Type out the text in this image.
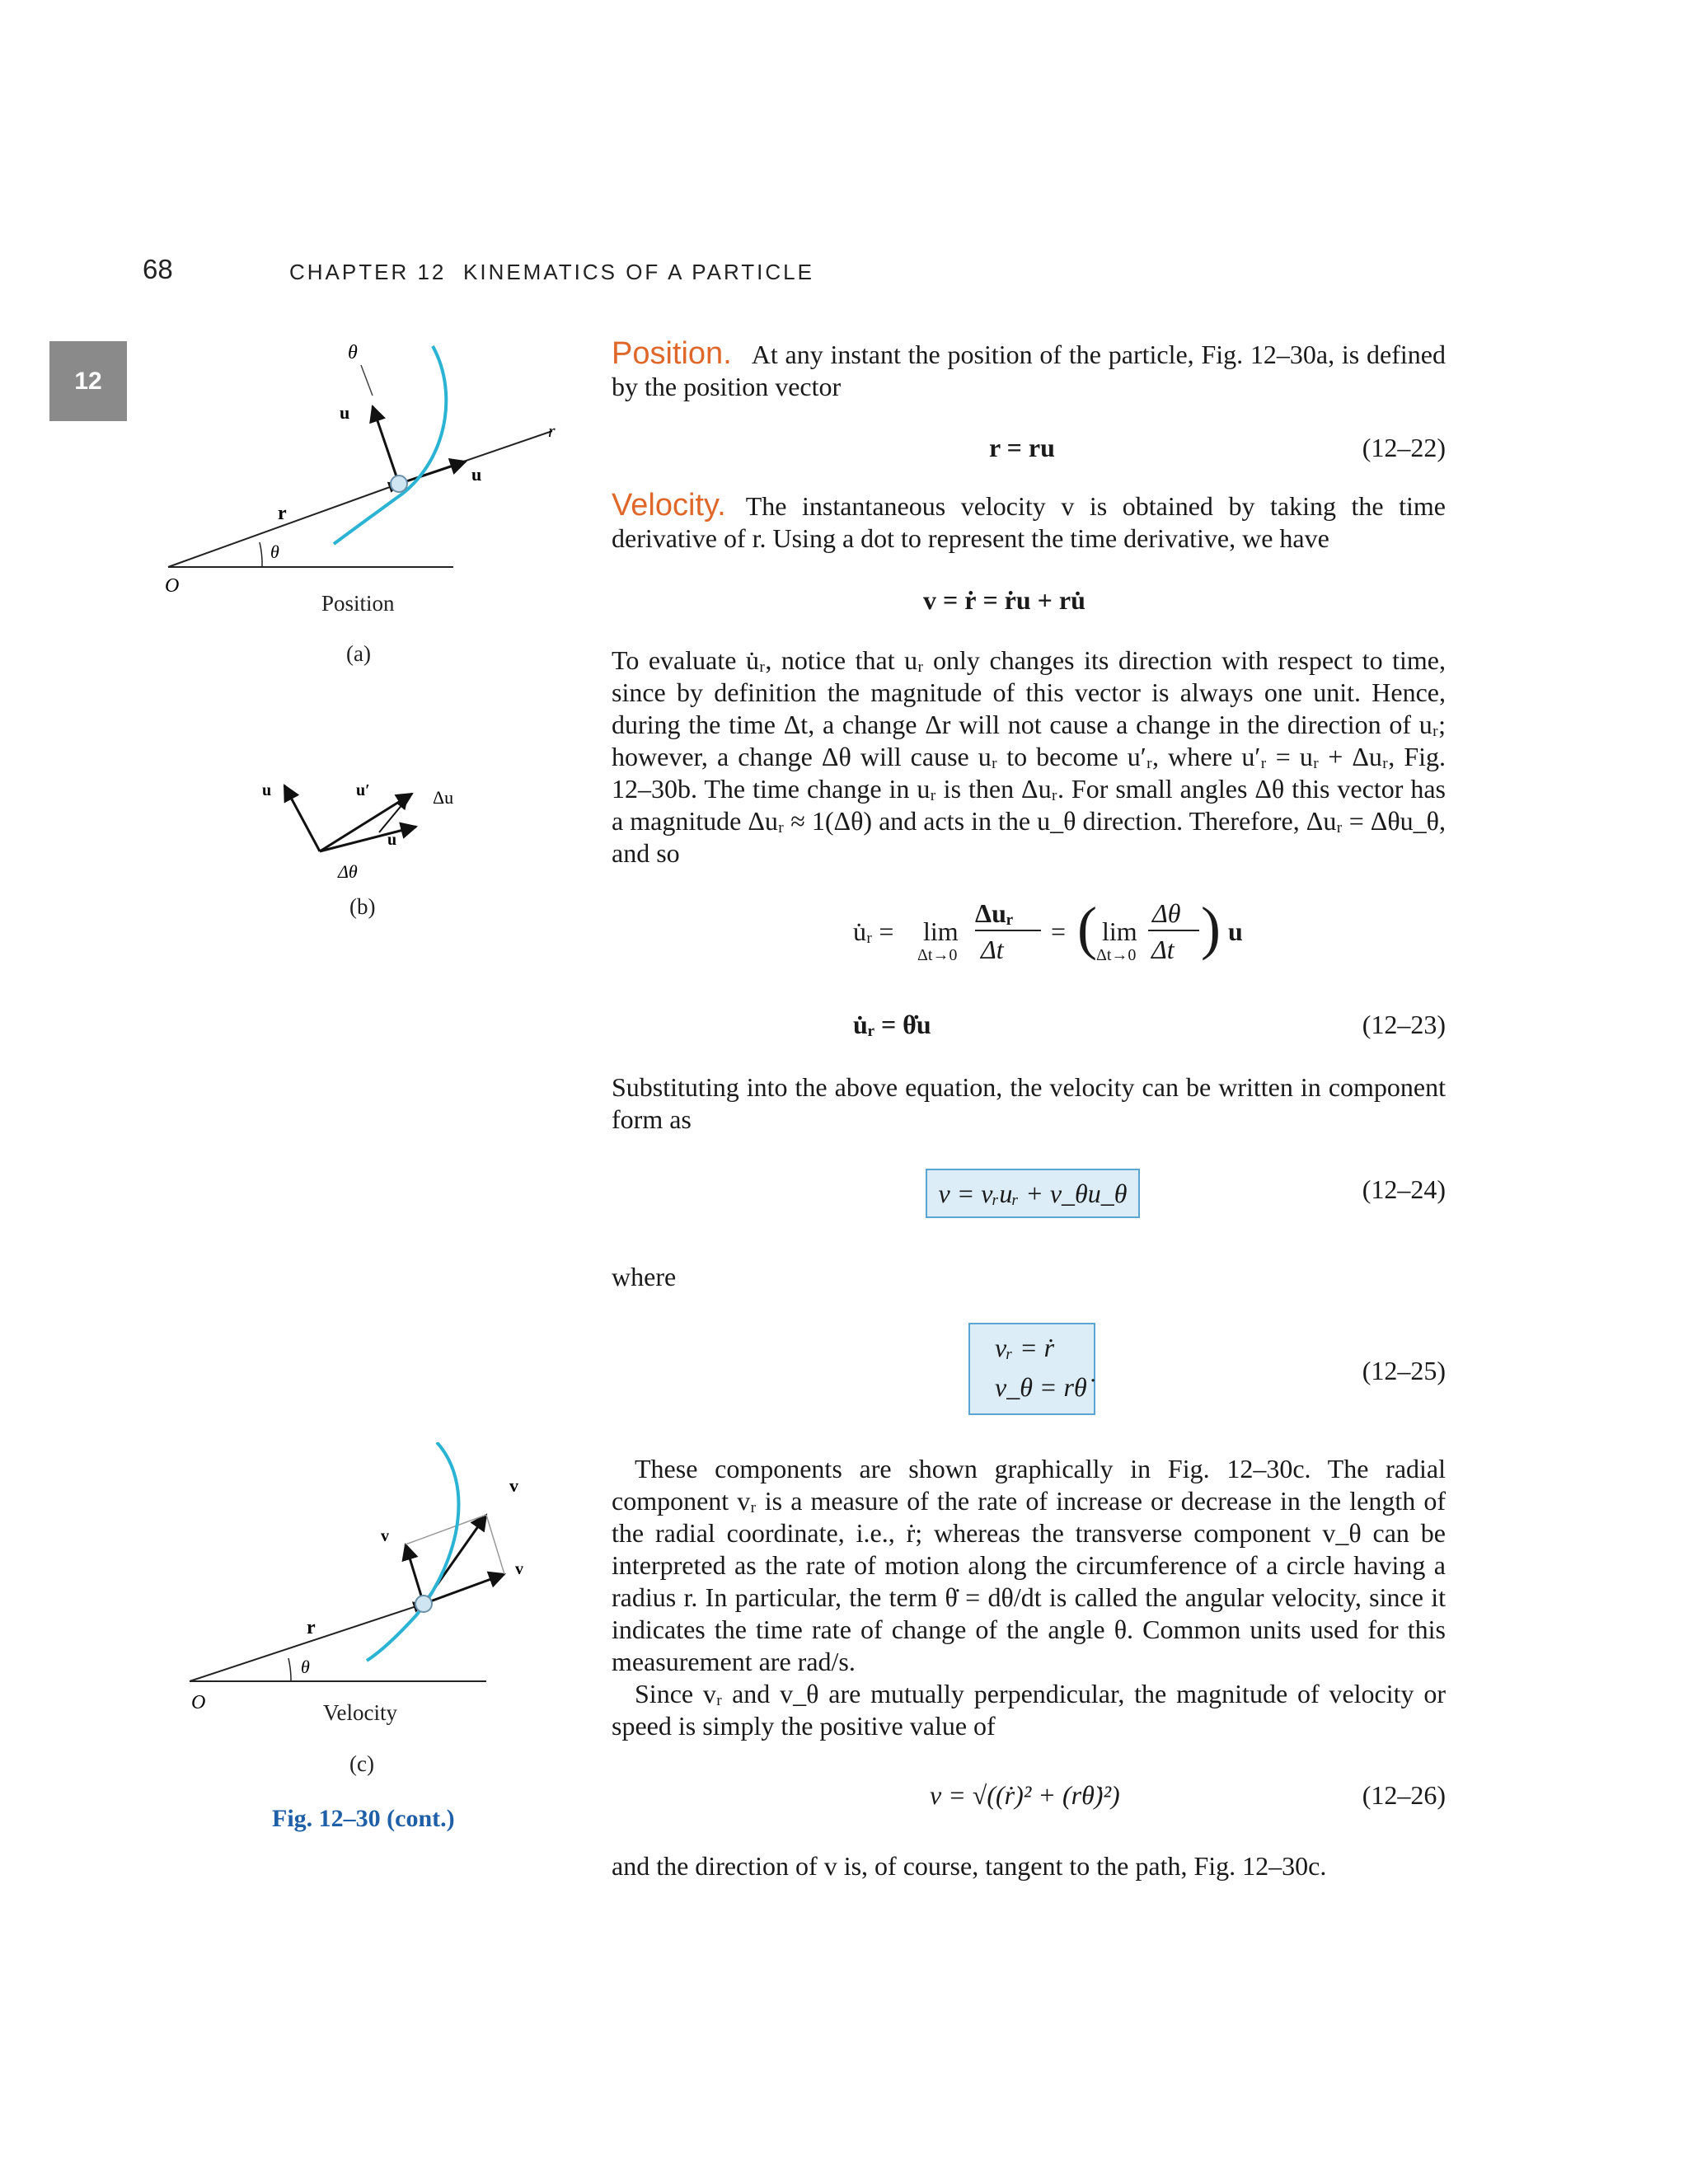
68	CHAPTER 12 KINEMATICS OF A PARTICLE
12
θ
u
r
u
r
θ
O
Position
(a)
u	u′	Δu
u
Δθ
(b)
v
v
v
r
θ
O	Velocity
(c)
Fig. 12–30 (cont.)
Position. At any instant the position of the particle, Fig. 12–30a, is defined by the position vector
r = ru	(12–22)
Velocity. The instantaneous velocity v is obtained by taking the time derivative of r. Using a dot to represent the time derivative, we have
v = ṙ = ṙu + ru̇
To evaluate u̇ᵣ, notice that uᵣ only changes its direction with respect to time, since by definition the magnitude of this vector is always one unit. Hence, during the time Δt, a change Δr will not cause a change in the direction of uᵣ; however, a change Δθ will cause uᵣ to become u′ᵣ, where u′ᵣ = uᵣ + Δuᵣ, Fig. 12–30b. The time change in uᵣ is then Δuᵣ. For small angles Δθ this vector has a magnitude Δuᵣ ≈ 1(Δθ) and acts in the u_θ direction. Therefore, Δuᵣ = Δθu_θ, and so
u̇ᵣ = lim
Δt→0
Δuᵣ
Δt
= ( lim
Δt→0
Δθ
Δt ) u
u̇ᵣ = θ̇u	(12–23)
Substituting into the above equation, the velocity can be written in component form as
v = vᵣuᵣ + v_θu_θ	(12–24)
where
vᵣ = ṙ
v_θ = rθ̇
(12–25)
These components are shown graphically in Fig. 12–30c. The radial component vᵣ is a measure of the rate of increase or decrease in the length of the radial coordinate, i.e., ṙ; whereas the transverse component v_θ can be interpreted as the rate of motion along the circumference of a circle having a radius r. In particular, the term θ̇ = dθ/dt is called the angular velocity, since it indicates the time rate of change of the angle θ. Common units used for this measurement are rad/s.
Since vᵣ and v_θ are mutually perpendicular, the magnitude of velocity or speed is simply the positive value of
v = √((ṙ)² + (rθ̇)²)	(12–26)
and the direction of v is, of course, tangent to the path, Fig. 12–30c.
